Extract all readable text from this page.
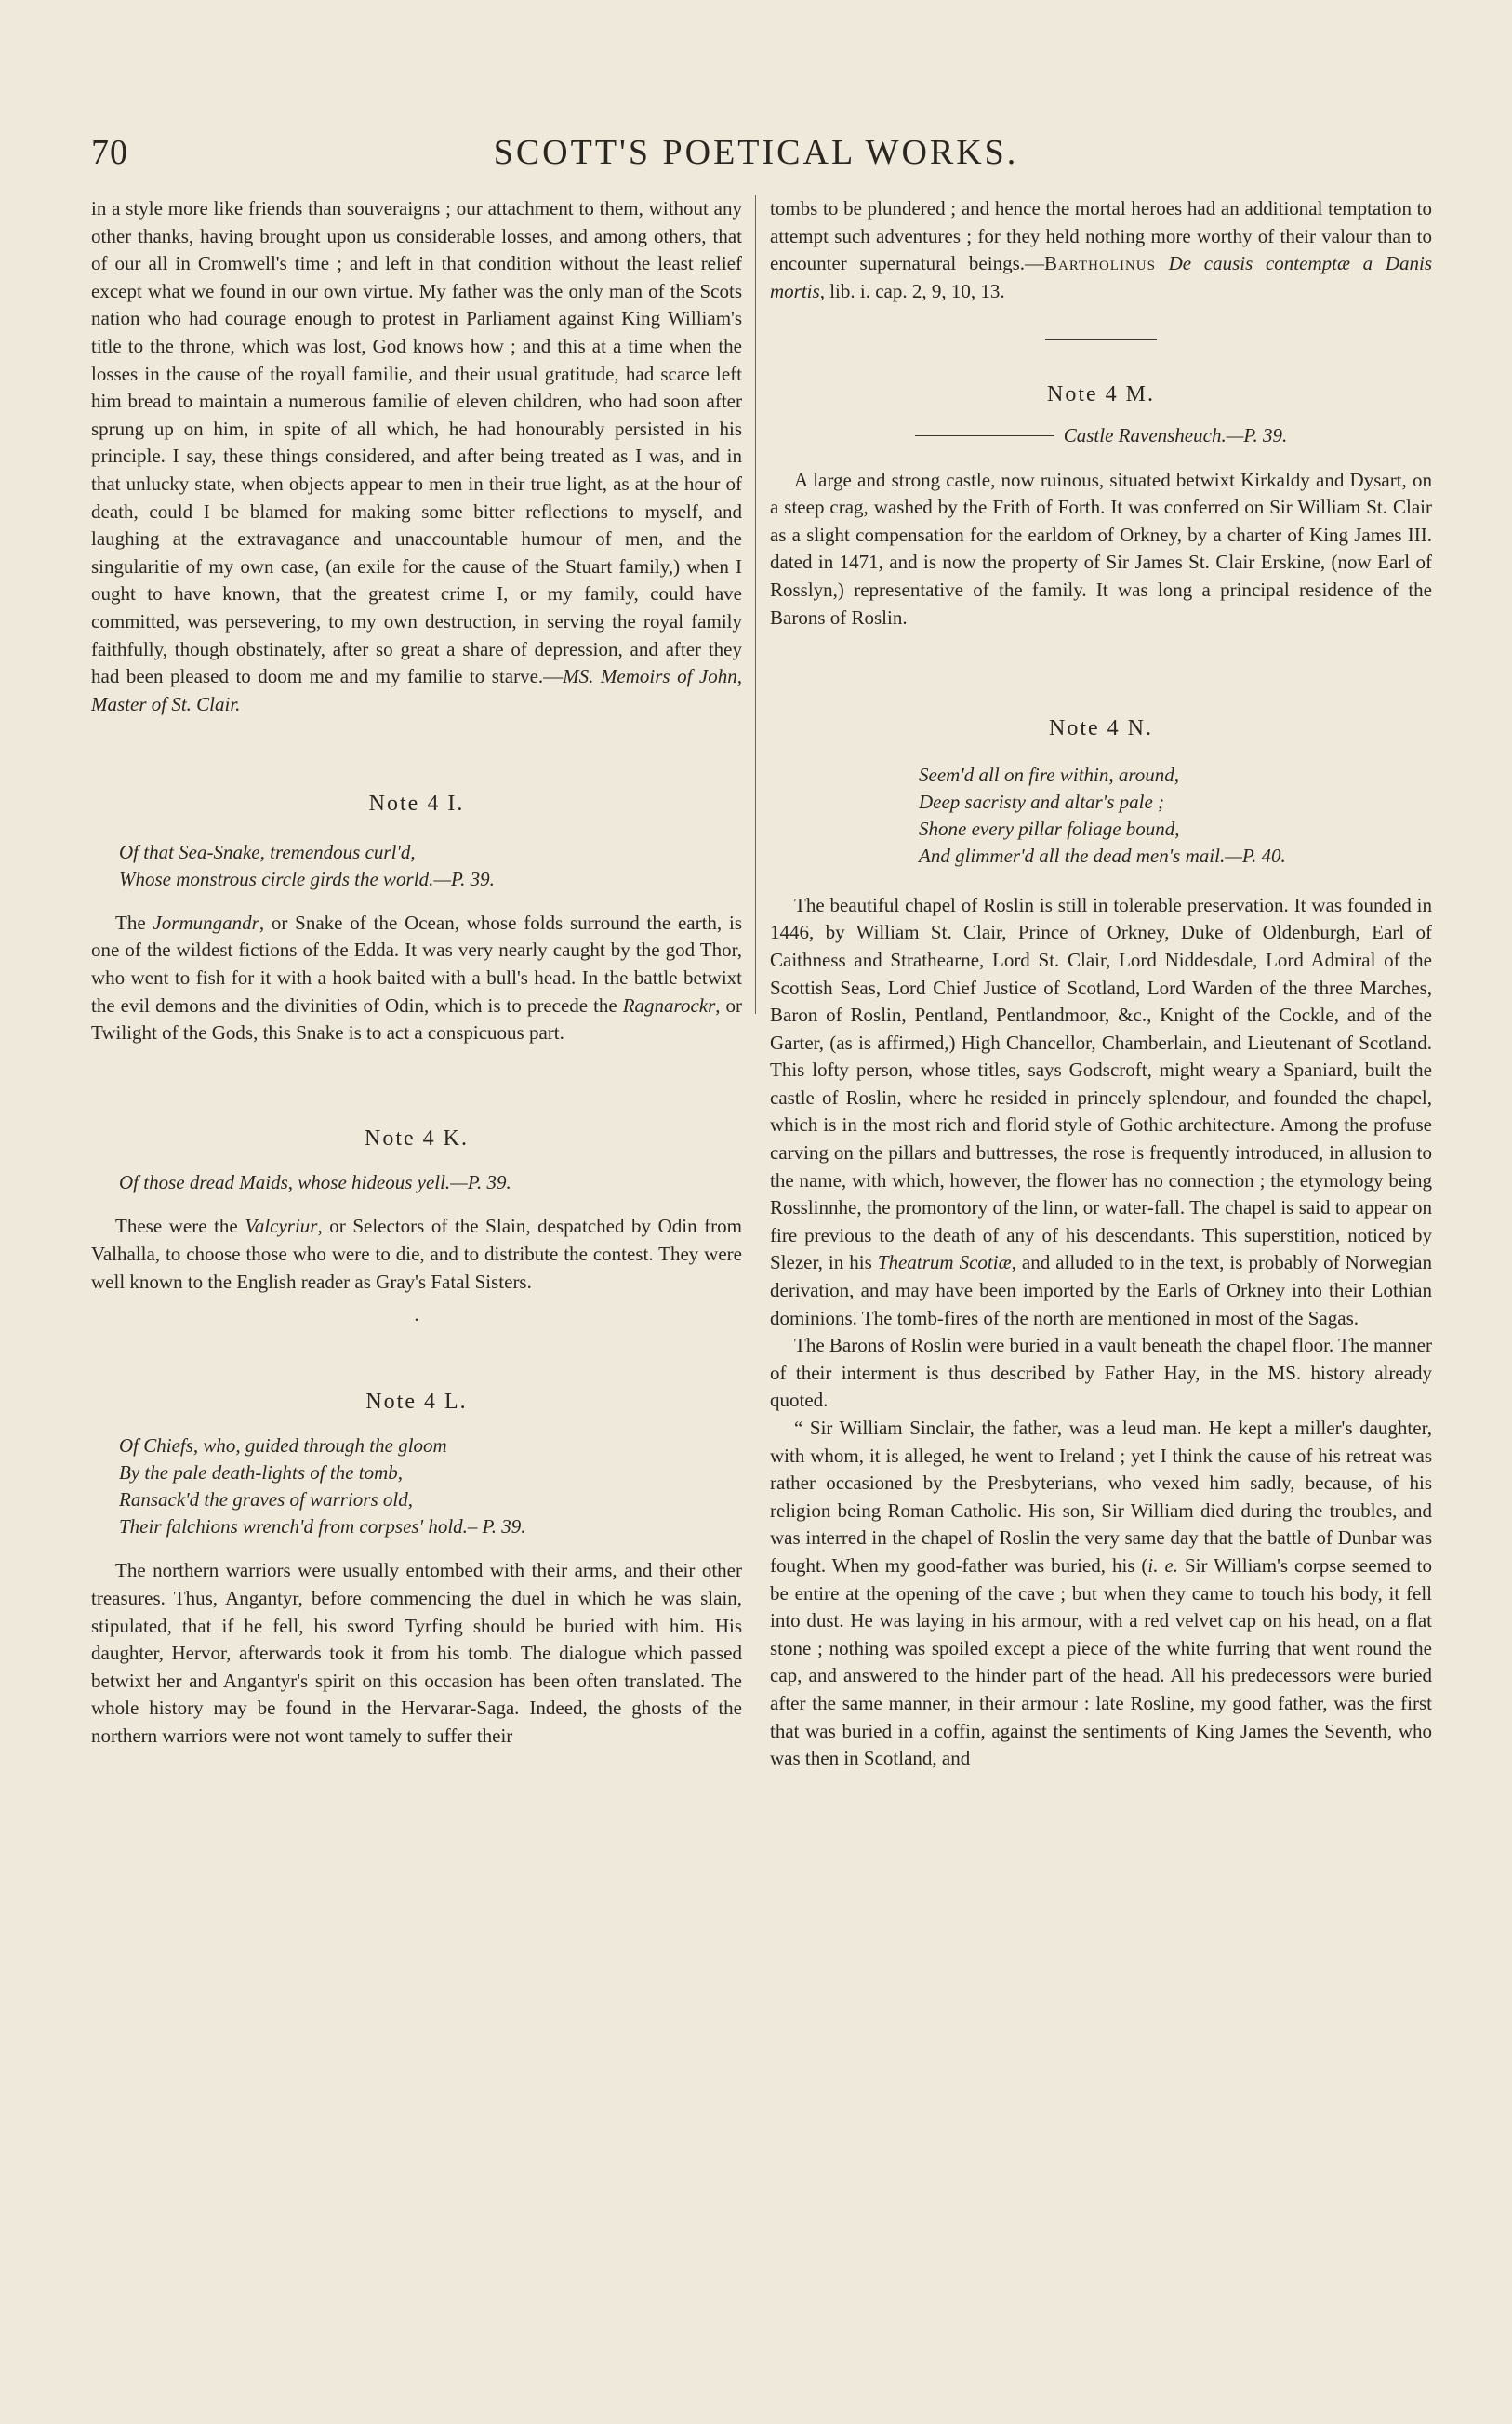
70	SCOTT'S POETICAL WORKS.

in a style more like friends than souveraigns ; our attachment to them, without any other thanks, having brought upon us considerable losses, and among others, that of our all in Cromwell's time ; and left in that condition without the least relief except what we found in our own virtue. My father was the only man of the Scots nation who had courage enough to protest in Parliament against King William's title to the throne, which was lost, God knows how ; and this at a time when the losses in the cause of the royall familie, and their usual gratitude, had scarce left him bread to maintain a numerous familie of eleven children, who had soon after sprung up on him, in spite of all which, he had honourably persisted in his principle. I say, these things considered, and after being treated as I was, and in that unlucky state, when objects appear to men in their true light, as at the hour of death, could I be blamed for making some bitter reflections to myself, and laughing at the extravagance and unaccountable humour of men, and the singularitie of my own case, (an exile for the cause of the Stuart family,) when I ought to have known, that the greatest crime I, or my family, could have committed, was persevering, to my own destruction, in serving the royal family faithfully, though obstinately, after so great a share of depression, and after they had been pleased to doom me and my familie to starve.—MS. Memoirs of John, Master of St. Clair.

Note 4 I.

Of that Sea-Snake, tremendous curl'd,
Whose monstrous circle girds the world.—P. 39.

The Jormungandr, or Snake of the Ocean, whose folds surround the earth, is one of the wildest fictions of the Edda. It was very nearly caught by the god Thor, who went to fish for it with a hook baited with a bull's head. In the battle betwixt the evil demons and the divinities of Odin, which is to precede the Ragnarockr, or Twilight of the Gods, this Snake is to act a conspicuous part.

Note 4 K.

Of those dread Maids, whose hideous yell.—P. 39.

These were the Valcyriur, or Selectors of the Slain, despatched by Odin from Valhalla, to choose those who were to die, and to distribute the contest. They were well known to the English reader as Gray's Fatal Sisters.

·

Note 4 L.

Of Chiefs, who, guided through the gloom
By the pale death-lights of the tomb,
Ransack'd the graves of warriors old,
Their falchions wrench'd from corpses' hold.– P. 39.

The northern warriors were usually entombed with their arms, and their other treasures. Thus, Angantyr, before commencing the duel in which he was slain, stipulated, that if he fell, his sword Tyrfing should be buried with him. His daughter, Hervor, afterwards took it from his tomb. The dialogue which passed betwixt her and Angantyr's spirit on this occasion has been often translated. The whole history may be found in the Hervarar-Saga. Indeed, the ghosts of the northern warriors were not wont tamely to suffer their

tombs to be plundered ; and hence the mortal heroes had an additional temptation to attempt such adventures ; for they held nothing more worthy of their valour than to encounter supernatural beings.—Bartholinus De causis contemptæ a Danis mortis, lib. i. cap. 2, 9, 10, 13.

Note 4 M.

Castle Ravensheuch.—P. 39.

A large and strong castle, now ruinous, situated betwixt Kirkaldy and Dysart, on a steep crag, washed by the Frith of Forth. It was conferred on Sir William St. Clair as a slight compensation for the earldom of Orkney, by a charter of King James III. dated in 1471, and is now the property of Sir James St. Clair Erskine, (now Earl of Rosslyn,) representative of the family. It was long a principal residence of the Barons of Roslin.

Note 4 N.

Seem'd all on fire within, around,
Deep sacristy and altar's pale ;
Shone every pillar foliage bound,
And glimmer'd all the dead men's mail.—P. 40.

The beautiful chapel of Roslin is still in tolerable preservation. It was founded in 1446, by William St. Clair, Prince of Orkney, Duke of Oldenburgh, Earl of Caithness and Strathearne, Lord St. Clair, Lord Niddesdale, Lord Admiral of the Scottish Seas, Lord Chief Justice of Scotland, Lord Warden of the three Marches, Baron of Roslin, Pentland, Pentlandmoor, &c., Knight of the Cockle, and of the Garter, (as is affirmed,) High Chancellor, Chamberlain, and Lieutenant of Scotland. This lofty person, whose titles, says Godscroft, might weary a Spaniard, built the castle of Roslin, where he resided in princely splendour, and founded the chapel, which is in the most rich and florid style of Gothic architecture. Among the profuse carving on the pillars and buttresses, the rose is frequently introduced, in allusion to the name, with which, however, the flower has no connection ; the etymology being Rosslinnhe, the promontory of the linn, or water-fall. The chapel is said to appear on fire previous to the death of any of his descendants. This superstition, noticed by Slezer, in his Theatrum Scotiæ, and alluded to in the text, is probably of Norwegian derivation, and may have been imported by the Earls of Orkney into their Lothian dominions. The tomb-fires of the north are mentioned in most of the Sagas.

The Barons of Roslin were buried in a vault beneath the chapel floor. The manner of their interment is thus described by Father Hay, in the MS. history already quoted.

“ Sir William Sinclair, the father, was a leud man. He kept a miller's daughter, with whom, it is alleged, he went to Ireland ; yet I think the cause of his retreat was rather occasioned by the Presbyterians, who vexed him sadly, because, of his religion being Roman Catholic. His son, Sir William died during the troubles, and was interred in the chapel of Roslin the very same day that the battle of Dunbar was fought. When my good-father was buried, his (i. e. Sir William's corpse seemed to be entire at the opening of the cave ; but when they came to touch his body, it fell into dust. He was laying in his armour, with a red velvet cap on his head, on a flat stone ; nothing was spoiled except a piece of the white furring that went round the cap, and answered to the hinder part of the head. All his predecessors were buried after the same manner, in their armour : late Rosline, my good father, was the first that was buried in a coffin, against the sentiments of King James the Seventh, who was then in Scotland, and
